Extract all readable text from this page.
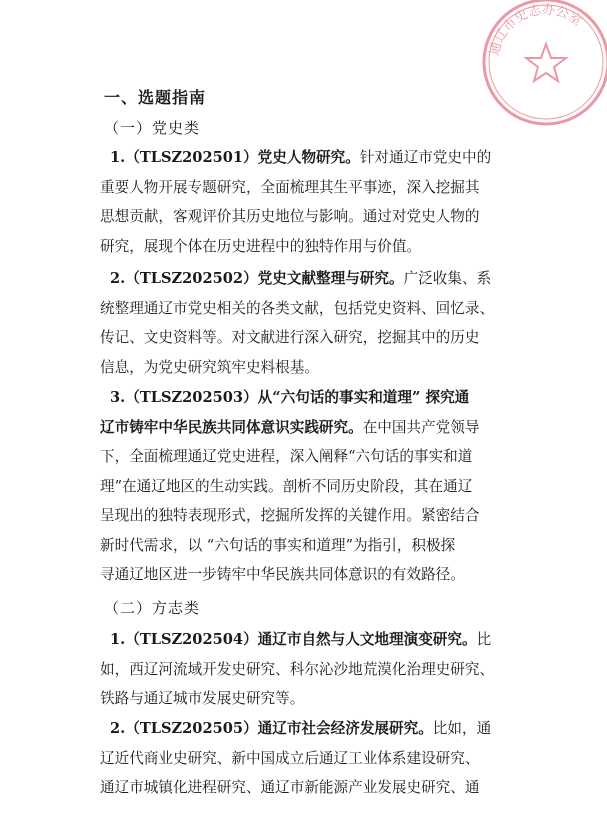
通辽市史志办公室
一、选题指南
（一）党史类
1.（TLSZ202501）党史人物研究。针对通辽市党史中的
重要人物开展专题研究，全面梳理其生平事迹，深入挖掘其
思想贡献，客观评价其历史地位与影响。通过对党史人物的
研究，展现个体在历史进程中的独特作用与价值。
2.（TLSZ202502）党史文献整理与研究。广泛收集、系
统整理通辽市党史相关的各类文献，包括党史资料、回忆录、
传记、文史资料等。对文献进行深入研究，挖掘其中的历史
信息，为党史研究筑牢史料根基。
3.（TLSZ202503）从“六句话的事实和道理” 探究通
辽市铸牢中华民族共同体意识实践研究。在中国共产党领导
下，全面梳理通辽党史进程，深入阐释“六句话的事实和道
理”在通辽地区的生动实践。剖析不同历史阶段，其在通辽
呈现出的独特表现形式，挖掘所发挥的关键作用。紧密结合
新时代需求，以 “六句话的事实和道理”为指引，积极探
寻通辽地区进一步铸牢中华民族共同体意识的有效路径。
（二）方志类
1.（TLSZ202504）通辽市自然与人文地理演变研究。比
如，西辽河流域开发史研究、科尔沁沙地荒漠化治理史研究、
铁路与通辽城市发展史研究等。
2.（TLSZ202505）通辽市社会经济发展研究。比如，通
辽近代商业史研究、新中国成立后通辽工业体系建设研究、
通辽市城镇化进程研究、通辽市新能源产业发展史研究、通
